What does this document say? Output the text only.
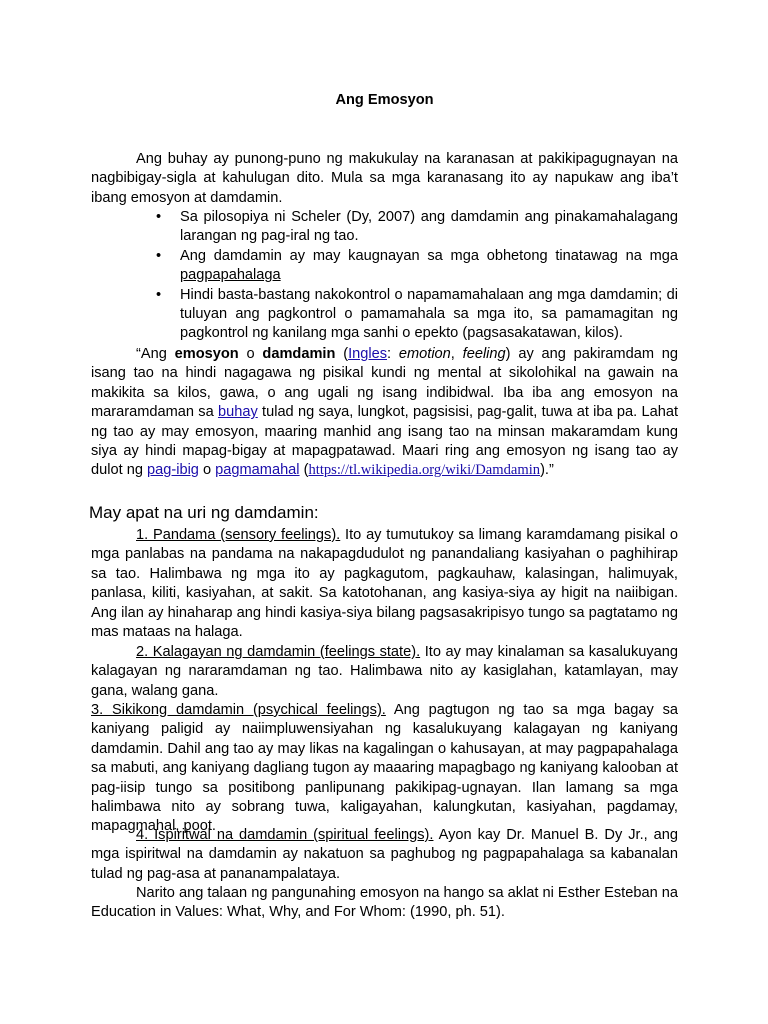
Ang Emosyon

Ang buhay ay punong-puno ng makukulay na karanasan at pakikipagugnayan na nagbibigay-sigla at kahulugan dito. Mula sa mga karanasang ito ay napukaw ang iba’t ibang emosyon at damdamin.

• Sa pilosopiya ni Scheler (Dy, 2007) ang damdamin ang pinakamahalagang larangan ng pag-iral ng tao.
• Ang damdamin ay may kaugnayan sa mga obhetong tinatawag na mga pagpapahalaga
• Hindi basta-bastang nakokontrol o napamamahalaan ang mga damdamin; di tuluyan ang pagkontrol o pamamahala sa mga ito, sa pamamagitan ng pagkontrol ng kanilang mga sanhi o epekto (pagsasakatawan, kilos).

“Ang emosyon o damdamin (Ingles: emotion, feeling) ay ang pakiramdam ng isang tao na hindi nagagawa ng pisikal kundi ng mental at sikolohikal na gawain na makikita sa kilos, gawa, o ang ugali ng isang indibidwal. Iba iba ang emosyon na mararamdaman sa buhay tulad ng saya, lungkot, pagsisisi, pag-galit, tuwa at iba pa. Lahat ng tao ay may emosyon, maaring manhid ang isang tao na minsan makaramdam kung siya ay hindi mapag-bigay at mapagpatawad. Maari ring ang emosyon ng isang tao ay dulot ng pag-ibig o pagmamahal (https://tl.wikipedia.org/wiki/Damdamin).”

May apat na uri ng damdamin:

1. Pandama (sensory feelings). Ito ay tumutukoy sa limang karamdamang pisikal o mga panlabas na pandama na nakapagdudulot ng panandaliang kasiyahan o paghihirap sa tao. Halimbawa ng mga ito ay pagkagutom, pagkauhaw, kalasingan, halimuyak, panlasa, kiliti, kasiyahan, at sakit. Sa katotohanan, ang kasiya-siya ay higit na naiibigan. Ang ilan ay hinaharap ang hindi kasiya-siya bilang pagsasakripisyo tungo sa pagtatamo ng mas mataas na halaga.

2. Kalagayan ng damdamin (feelings state). Ito ay may kinalaman sa kasalukuyang kalagayan ng nararamdaman ng tao. Halimbawa nito ay kasiglahan, katamlayan, may gana, walang gana.

3. Sikikong damdamin (psychical feelings). Ang pagtugon ng tao sa mga bagay sa kaniyang paligid ay naiimpluwensiyahan ng kasalukuyang kalagayan ng kaniyang damdamin. Dahil ang tao ay may likas na kagalingan o kahusayan, at may pagpapahalaga sa mabuti, ang kaniyang dagliang tugon ay maaaring mapagbago ng kaniyang kalooban at pag-iisip tungo sa positibong panlipunang pakikipag-ugnayan. Ilan lamang sa mga halimbawa nito ay sobrang tuwa, kaligayahan, kalungkutan, kasiyahan, pagdamay, mapagmahal, poot.

4. Ispiritwal na damdamin (spiritual feelings). Ayon kay Dr. Manuel B. Dy Jr., ang mga ispiritwal na damdamin ay nakatuon sa paghubog ng pagpapahalaga sa kabanalan tulad ng pag-asa at pananampalataya.

Narito ang talaan ng pangunahing emosyon na hango sa aklat ni Esther Esteban na Education in Values: What, Why, and For Whom: (1990, ph. 51).
